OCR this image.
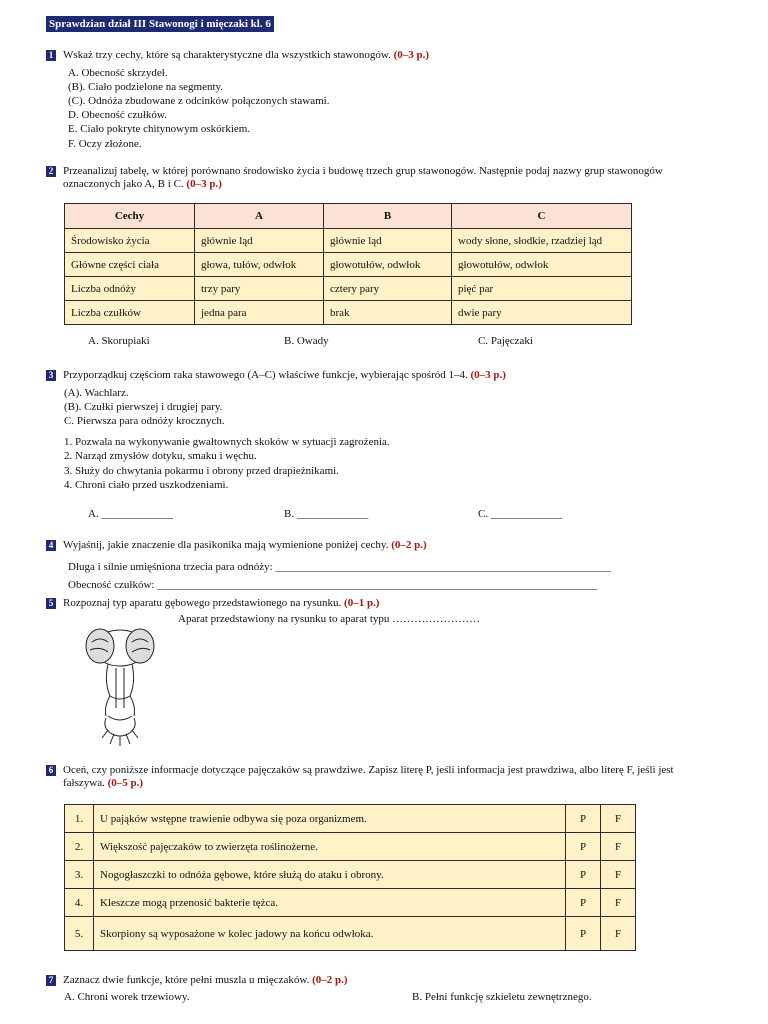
Sprawdzian dział III Stawonogi i mięczaki kl. 6
1 Wskaż trzy cechy, które są charakterystyczne dla wszystkich stawonogów. (0–3 p.)
A. Obecność skrzydeł.
(B). Ciało podzielone na segmenty.
(C). Odnóża zbudowane z odcinków połączonych stawami.
D. Obecność czułków.
E. Ciało pokryte chitynowym oskórkiem.
F. Oczy złożone.
2 Przeanalizuj tabelę, w której porównano środowisko życia i budowę trzech grup stawonogów. Następnie podaj nazwy grup stawonogów
oznaczonych jako A, B i C. (0–3 p.)
Cechy	A	B	C
Środowisko życia	głównie ląd	głównie ląd	wody słone, słodkie, rzadziej ląd
Główne części ciała	głowa, tułów, odwłok	głowotułów, odwłok	głowotułów, odwłok
Liczba odnóży	trzy pary	cztery pary	pięć par
Liczba czułków	jedna para	brak	dwie pary
A. Skorupiaki	B. Owady	C. Pajęczaki
3 Przyporządkuj częściom raka stawowego (A–C) właściwe funkcje, wybierając spośród 1–4. (0–3 p.)
(A). Wachlarz.
(B). Czułki pierwszej i drugiej pary.
C. Pierwsza para odnóży krocznych.
1. Pozwala na wykonywanie gwałtownych skoków w sytuacji zagrożenia.
2. Narząd zmysłów dotyku, smaku i węchu.
3. Służy do chwytania pokarmu i obrony przed drapieżnikami.
4. Chroni ciało przed uszkodzeniami.
A. _____________	B. _____________	C. _____________
4 Wyjaśnij, jakie znaczenie dla pasikonika mają wymienione poniżej cechy. (0–2 p.)
Długa i silnie umięśniona trzecia para odnóży: _____________________________________________________________
Obecność czułków: ________________________________________________________________________________
5 Rozpoznaj typ aparatu gębowego przedstawionego na rysunku. (0–1 p.)
Aparat przedstawiony na rysunku to aparat typu ……………………
6 Oceń, czy poniższe informacje dotyczące pajęczaków są prawdziwe. Zapisz literę P, jeśli informacja jest prawdziwa, albo literę F, jeśli jest
fałszywa. (0–5 p.)
1.	U pająków wstępne trawienie odbywa się poza organizmem.	P	F
2.	Większość pajęczaków to zwierzęta roślinożerne.	P	F
3.	Nogogłaszczki to odnóża gębowe, które służą do ataku i obrony.	P	F
4.	Kleszcze mogą przenosić bakterie tężca.	P	F
5.	Skorpiony są wyposażone w kolec jadowy na końcu odwłoka.	P	F
7 Zaznacz dwie funkcje, które pełni muszla u mięczaków. (0–2 p.)
A. Chroni worek trzewiowy.	B. Pełni funkcję szkieletu zewnętrznego.
